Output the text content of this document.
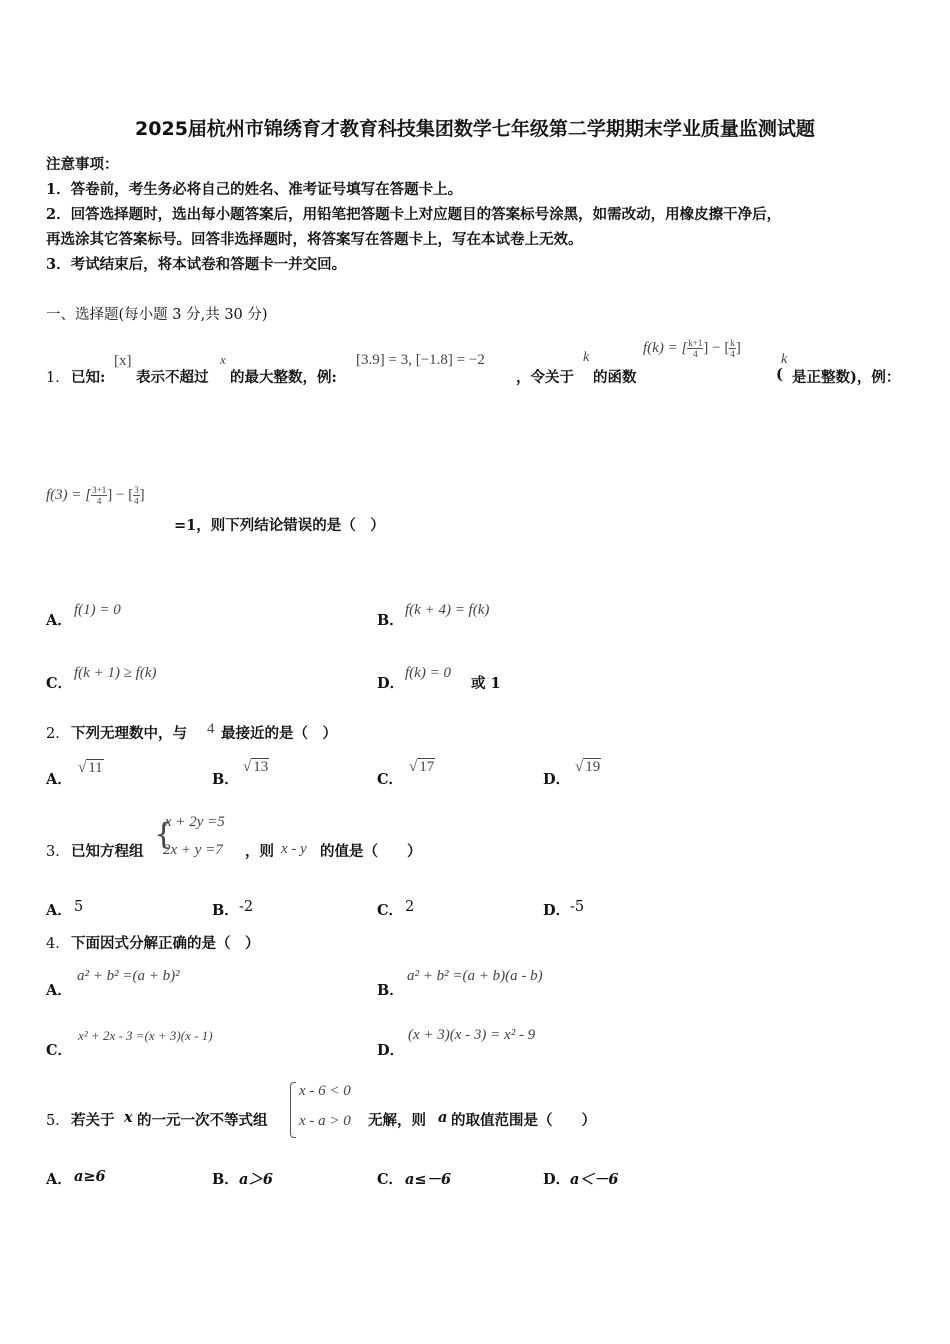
2025届杭州市锦绣育才教育科技集团数学七年级第二学期期末学业质量监测试题
注意事项：
1．答卷前，考生务必将自己的姓名、准考证号填写在答题卡上。
2．回答选择题时，选出每小题答案后，用铅笔把答题卡上对应题目的答案标号涂黑，如需改动，用橡皮擦干净后，
再选涂其它答案标号。回答非选择题时，将答案写在答题卡上，写在本试卷上无效。
3．考试结束后，将本试卷和答题卡一并交回。
一、选择题(每小题 3 分,共 30 分)
1． 已知:
[x]
表示不超过
x
的最大整数，例:
[3.9] = 3, [−1.8] = −2
，令关于
k
的函数
f(k) = [ $\frac{k+1}{4}$ ] − [ $\frac{k}{4}$ ]
(
k
是正整数)，例：
f(3) = [ $\frac{3+1}{4}$ ] − [ $\frac{3}{4}$ ]
=1，则下列结论错误的是（　）
A．
f(1) = 0
B．
f(k + 4) = f(k)
C．
f(k + 1) ≥ f(k)
D．
f(k) = 0
或 1
2． 下列无理数中，与 4 最接近的是（　）
A．
√ 11
B．
√ 13
C．
√ 17
D．
√ 19
3． 已知方程组 {
x + 2y =5
2x + y =7 ，则 x - y 的值是（　　）
A． 5	B． -2	C． 2	D． -5
4． 下面因式分解正确的是（　）
A．
a² + b² =(a + b)²
B．
a² + b² =(a + b)(a - b)
C．
x² + 2x - 3 =(x + 3)(x - 1)
D．
(x + 3)(x - 3) = x² - 9
5． 若关于 x 的一元一次不等式组
x - 6 < 0
x - a > 0 无解，则 a 的取值范围是（　　）
A． a≥6	B． a＞6	C． a≤－6	D． a＜－6
